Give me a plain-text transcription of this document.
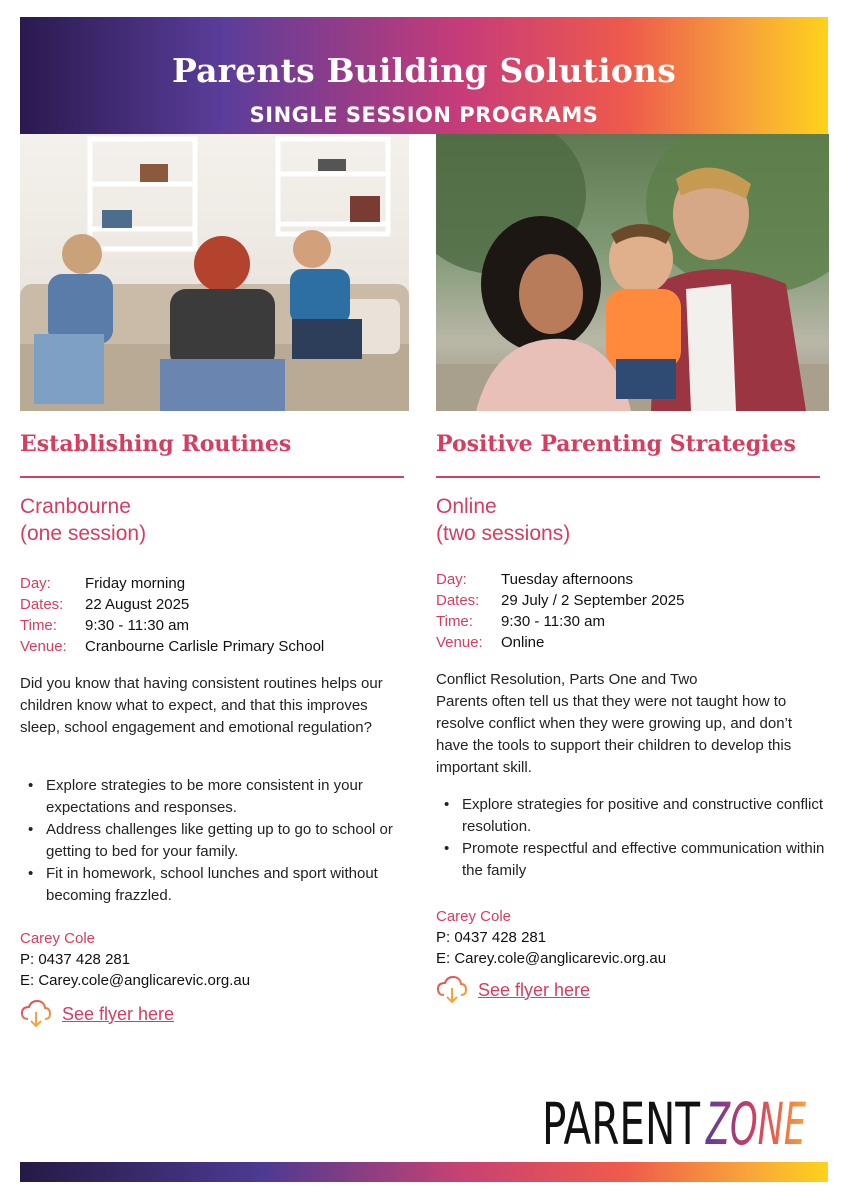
Parents Building Solutions
SINGLE SESSION PROGRAMS
Establishing Routines
Cranbourne
(one session)
Day: Friday morning
Dates: 22 August 2025
Time: 9:30 - 11:30 am
Venue: Cranbourne Carlisle Primary School

Did you know that having consistent routines helps our children know what to expect, and that this improves sleep, school engagement and emotional regulation?

• Explore strategies to be more consistent in your expectations and responses.
• Address challenges like getting up to go to school or getting to bed for your family.
• Fit in homework, school lunches and sport without becoming frazzled.
Carey Cole
P: 0437 428 281
E: Carey.cole@anglicarevic.org.au
See flyer here
Positive Parenting Strategies
Online
(two sessions)
Day: Tuesday afternoons
Dates: 29 July / 2 September 2025
Time: 9:30 - 11:30 am
Venue: Online

Conflict Resolution, Parts One and Two

Parents often tell us that they were not taught how to resolve conflict when they were growing up, and don’t have the tools to support their children to develop this important skill.

• Explore strategies for positive and constructive conflict resolution.
• Promote respectful and effective communication within the family
Carey Cole
P: 0437 428 281
E: Carey.cole@anglicarevic.org.au
See flyer here
PARENT ZONE
